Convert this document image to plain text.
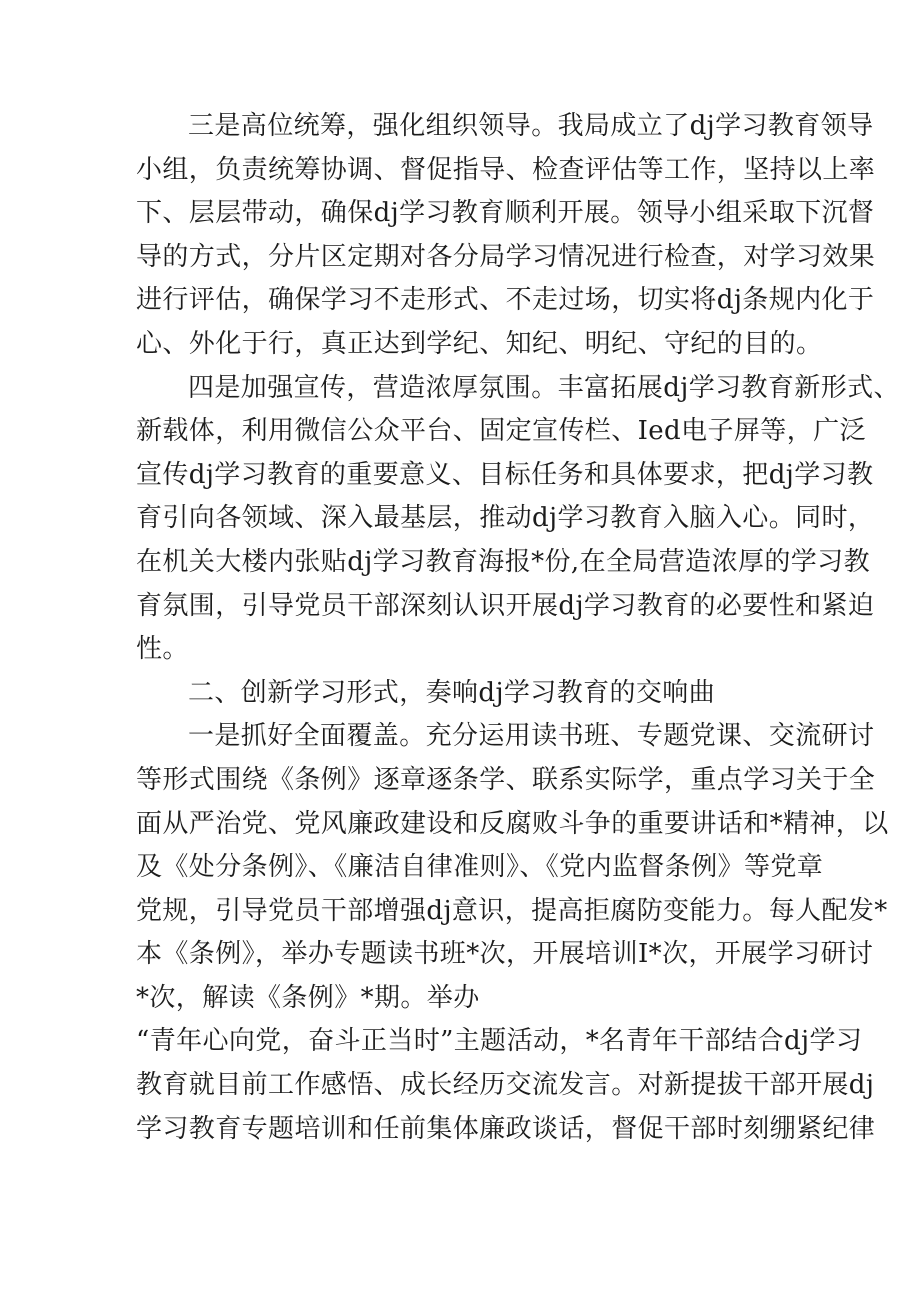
三是高位统筹，强化组织领导。我局成立了dj学习教育领导
小组，负责统筹协调、督促指导、检查评估等工作，坚持以上率
下、层层带动，确保dj学习教育顺利开展。领导小组采取下沉督
导的方式，分片区定期对各分局学习情况进行检查，对学习效果
进行评估，确保学习不走形式、不走过场，切实将dj条规内化于
心、外化于行，真正达到学纪、知纪、明纪、守纪的目的。
四是加强宣传，营造浓厚氛围。丰富拓展dj学习教育新形式、
新载体，利用微信公众平台、固定宣传栏、Ied电子屏等，广泛
宣传dj学习教育的重要意义、目标任务和具体要求，把dj学习教
育引向各领域、深入最基层，推动dj学习教育入脑入心。同时，
在机关大楼内张贴dj学习教育海报*份,在全局营造浓厚的学习教
育氛围，引导党员干部深刻认识开展dj学习教育的必要性和紧迫
性。
二、创新学习形式，奏响dj学习教育的交响曲
一是抓好全面覆盖。充分运用读书班、专题党课、交流研讨
等形式围绕《条例》逐章逐条学、联系实际学，重点学习关于全
面从严治党、党风廉政建设和反腐败斗争的重要讲话和*精神，以
及《处分条例》、《廉洁自律准则》、《党内监督条例》等党章
党规，引导党员干部增强dj意识，提高拒腐防变能力。每人配发*
本《条例》，举办专题读书班*次，开展培训I*次，开展学习研讨
*次，解读《条例》*期。举办
“青年心向党，奋斗正当时”主题活动，*名青年干部结合dj学习
教育就目前工作感悟、成长经历交流发言。对新提拔干部开展dj
学习教育专题培训和任前集体廉政谈话，督促干部时刻绷紧纪律
